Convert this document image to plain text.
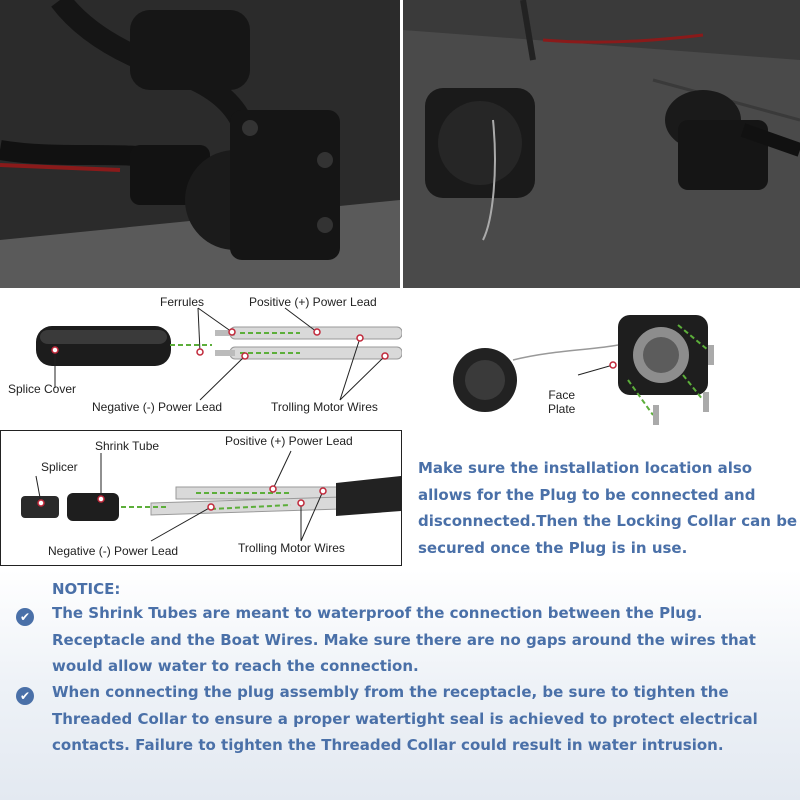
Ferrules	Positive (+) Power Lead
Splice Cover
Negative (-) Power Lead	Trolling Motor Wires
Face
Plate
Shrink Tube	Positive (+) Power Lead
Splicer
Negative (-) Power Lead	Trolling Motor Wires
Make sure the installation location also allows for the Plug to be connected and disconnected.Then the Locking Collar can be secured once the Plug is in use.
NOTICE:
✔ The Shrink Tubes are meant to waterproof the connection between the Plug. Receptacle and the Boat Wires. Make sure there are no gaps around the wires that would allow water to reach the connection.
✔ When connecting the plug assembly from the receptacle, be sure to tighten the Threaded Collar to ensure a proper watertight seal is achieved to protect electrical contacts. Failure to tighten the Threaded Collar could result in water intrusion.
